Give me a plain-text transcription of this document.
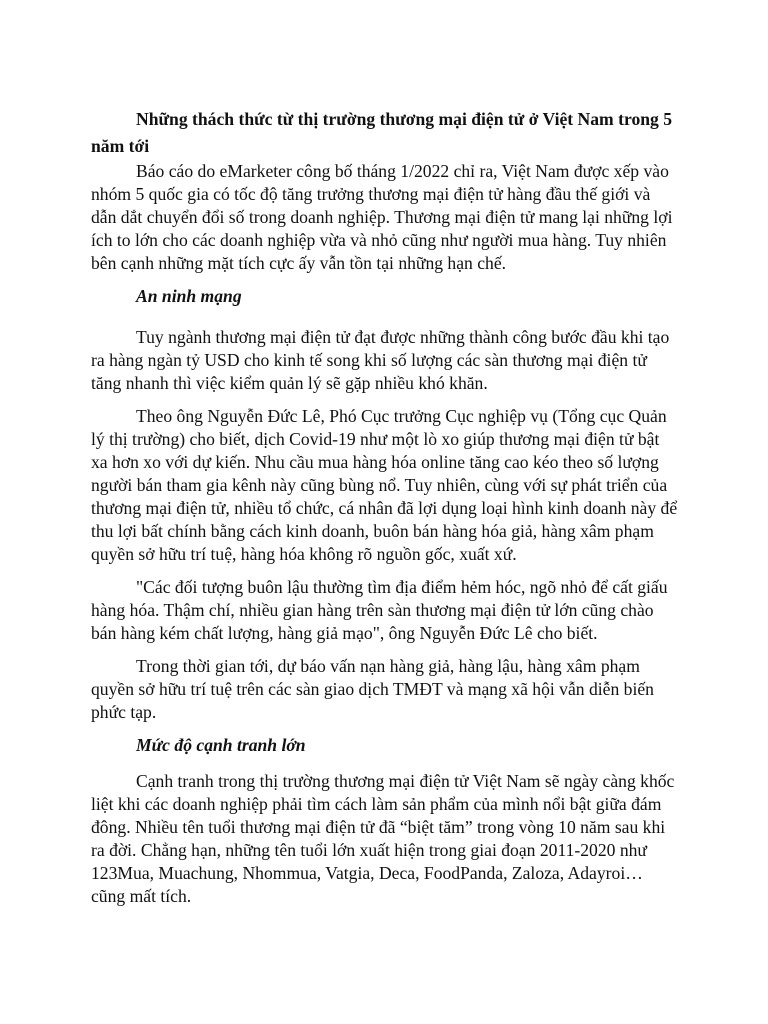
Những thách thức từ thị trường thương mại điện tử ở Việt Nam trong 5 năm tới

Báo cáo do eMarketer công bố tháng 1/2022 chỉ ra, Việt Nam được xếp vào nhóm 5 quốc gia có tốc độ tăng trưởng thương mại điện tử hàng đầu thế giới và dẫn dắt chuyển đổi số trong doanh nghiệp. Thương mại điện tử mang lại những lợi ích to lớn cho các doanh nghiệp vừa và nhỏ cũng như người mua hàng. Tuy nhiên bên cạnh những mặt tích cực ấy vẫn tồn tại những hạn chế.

An ninh mạng

Tuy ngành thương mại điện tử đạt được những thành công bước đầu khi tạo ra hàng ngàn tỷ USD cho kinh tế song khi số lượng các sàn thương mại điện tử tăng nhanh thì việc kiểm quản lý sẽ gặp nhiều khó khăn.

Theo ông Nguyễn Đức Lê, Phó Cục trưởng Cục nghiệp vụ (Tổng cục Quản lý thị trường) cho biết, dịch Covid-19 như một lò xo giúp thương mại điện tử bật xa hơn xo với dự kiến. Nhu cầu mua hàng hóa online tăng cao kéo theo số lượng người bán tham gia kênh này cũng bùng nổ. Tuy nhiên, cùng với sự phát triển của thương mại điện tử, nhiều tổ chức, cá nhân đã lợi dụng loại hình kinh doanh này để thu lợi bất chính bằng cách kinh doanh, buôn bán hàng hóa giả, hàng xâm phạm quyền sở hữu trí tuệ, hàng hóa không rõ nguồn gốc, xuất xứ.

"Các đối tượng buôn lậu thường tìm địa điểm hẻm hóc, ngõ nhỏ để cất giấu hàng hóa. Thậm chí, nhiều gian hàng trên sàn thương mại điện tử lớn cũng chào bán hàng kém chất lượng, hàng giả mạo", ông Nguyễn Đức Lê cho biết.

Trong thời gian tới, dự báo vấn nạn hàng giả, hàng lậu, hàng xâm phạm quyền sở hữu trí tuệ trên các sàn giao dịch TMĐT và mạng xã hội vẫn diễn biến phức tạp.

Mức độ cạnh tranh lớn

Cạnh tranh trong thị trường thương mại điện tử Việt Nam sẽ ngày càng khốc liệt khi các doanh nghiệp phải tìm cách làm sản phẩm của mình nổi bật giữa đám đông. Nhiều tên tuổi thương mại điện tử đã “biệt tăm” trong vòng 10 năm sau khi ra đời. Chẳng hạn, những tên tuổi lớn xuất hiện trong giai đoạn 2011-2020 như 123Mua, Muachung, Nhommua, Vatgia, Deca, FoodPanda, Zaloza, Adayroi… cũng mất tích.
